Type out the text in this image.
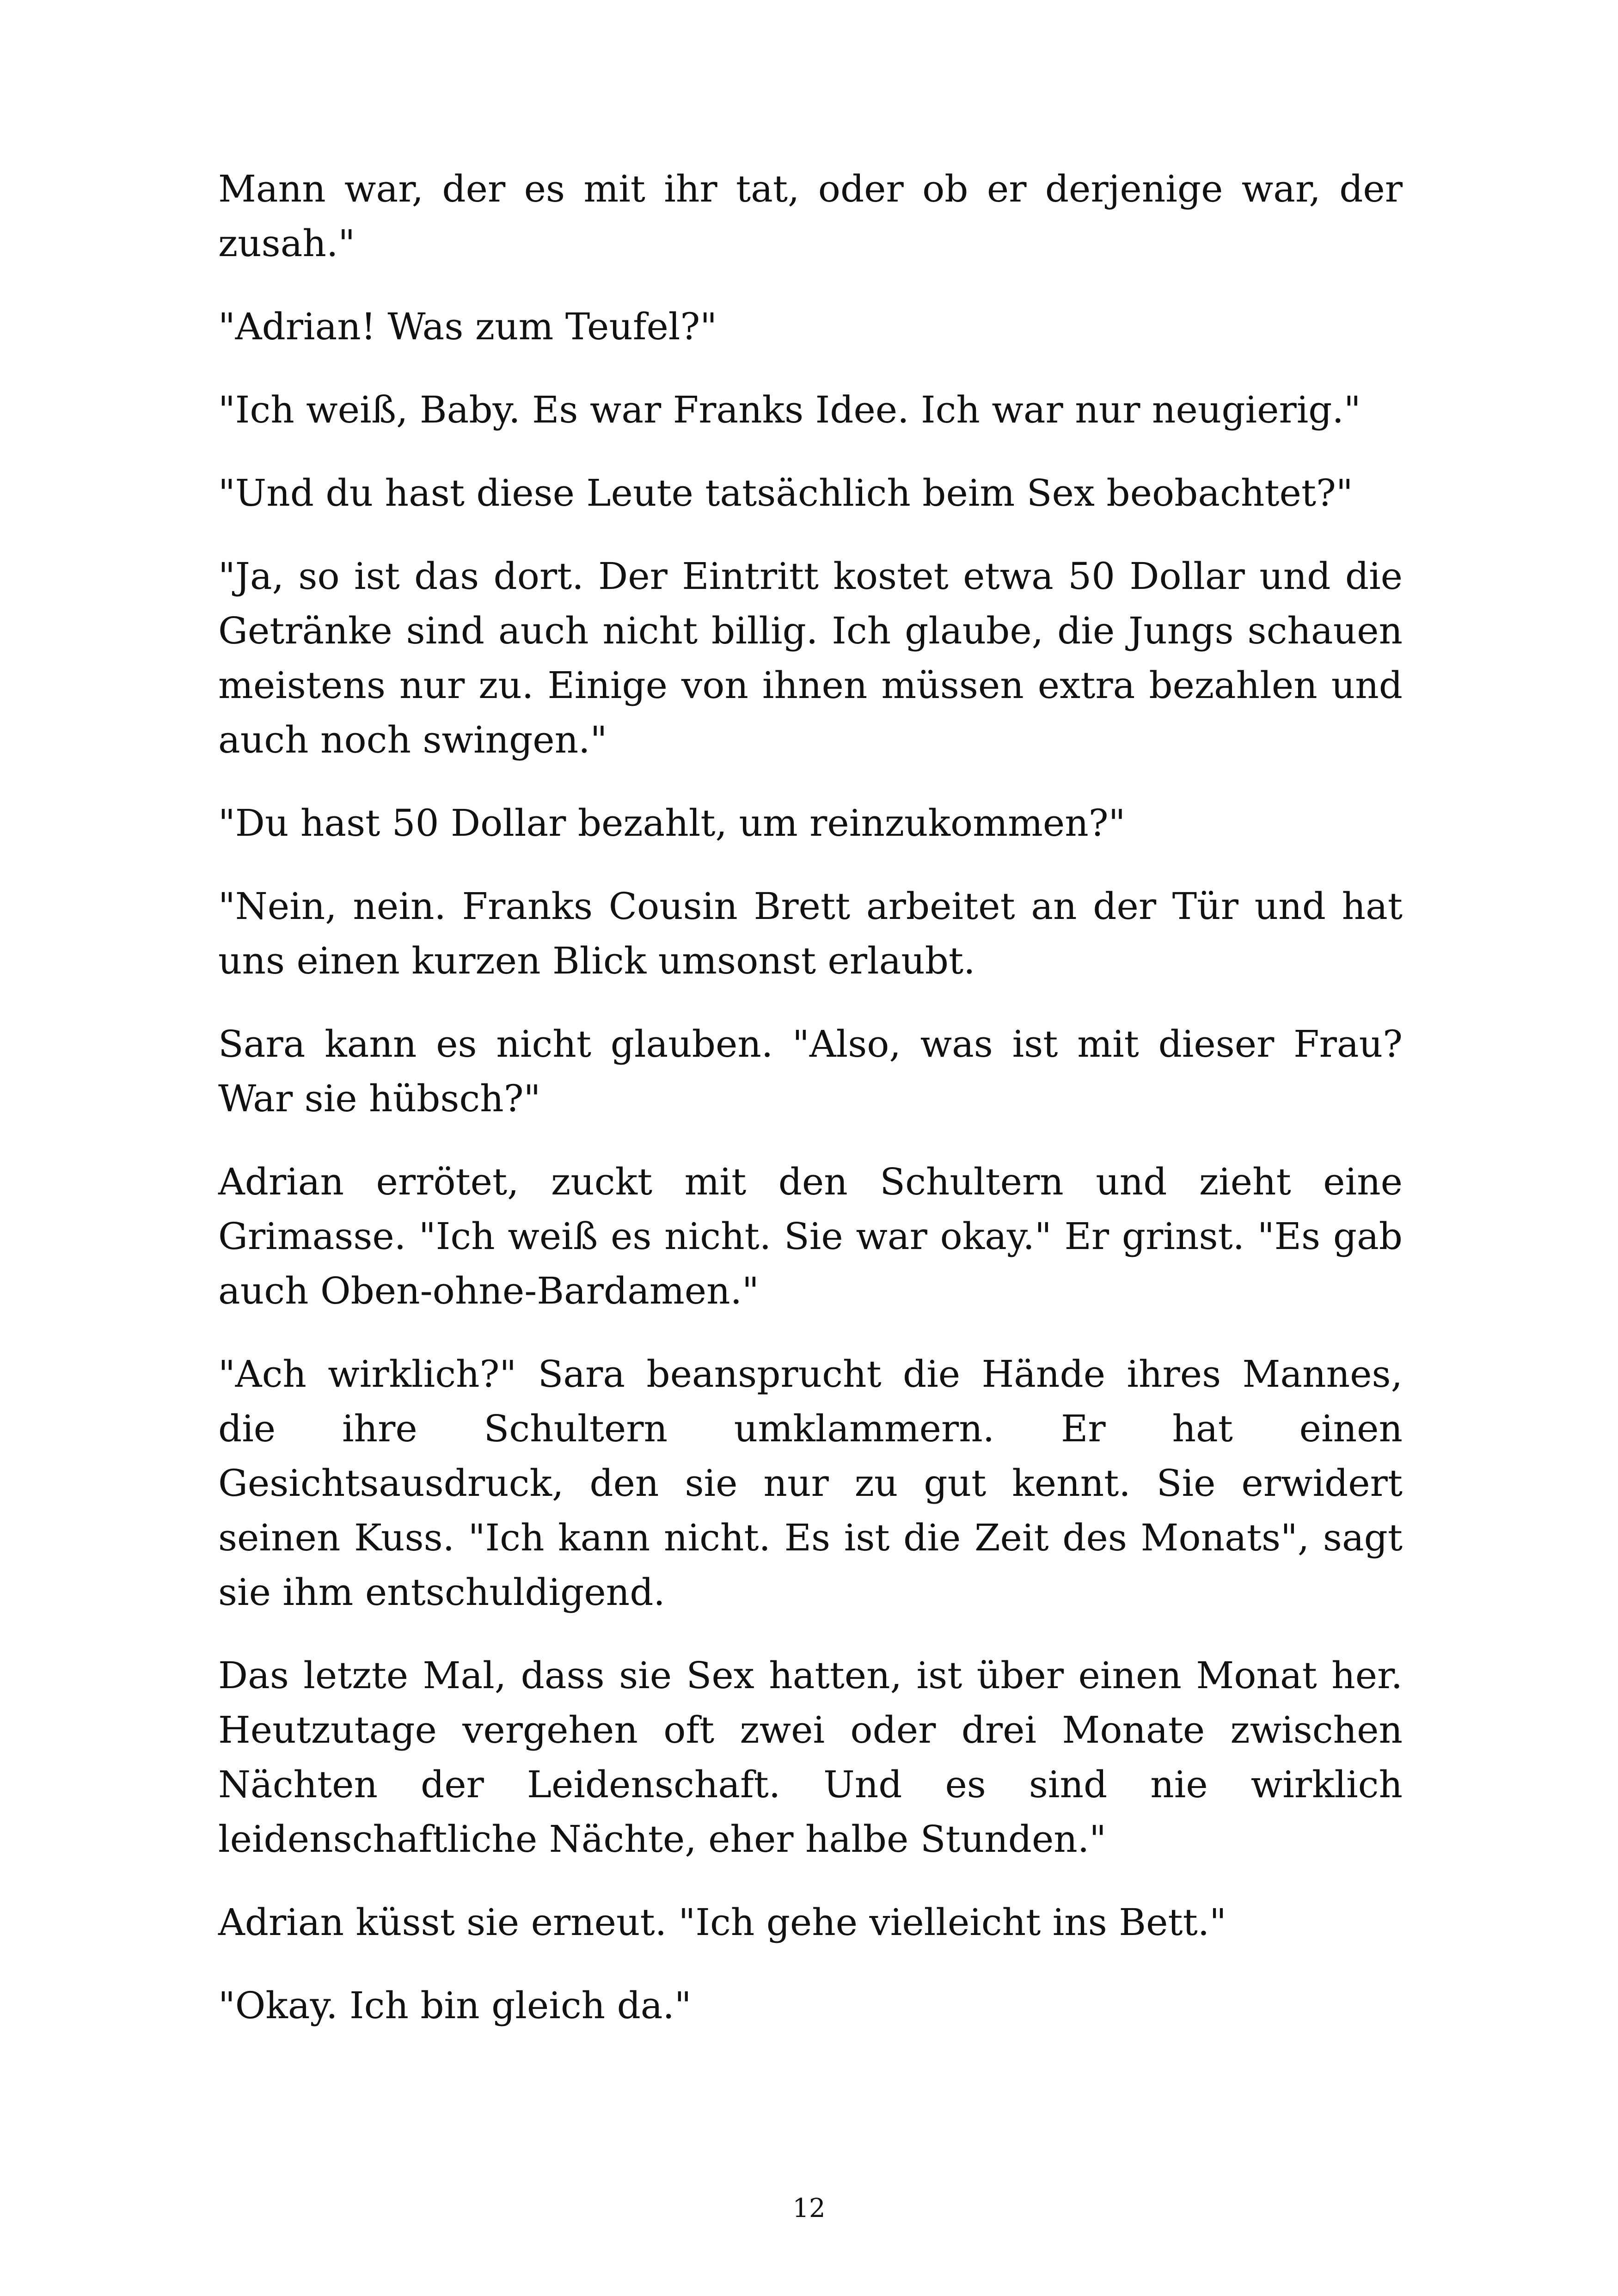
Mann war, der es mit ihr tat, oder ob er derjenige war, der zusah."

"Adrian! Was zum Teufel?"

"Ich weiß, Baby. Es war Franks Idee. Ich war nur neugierig."

"Und du hast diese Leute tatsächlich beim Sex beobachtet?"

"Ja, so ist das dort. Der Eintritt kostet etwa 50 Dollar und die Getränke sind auch nicht billig. Ich glaube, die Jungs schauen meistens nur zu. Einige von ihnen müssen extra bezahlen und auch noch swingen."

"Du hast 50 Dollar bezahlt, um reinzukommen?"

"Nein, nein. Franks Cousin Brett arbeitet an der Tür und hat uns einen kurzen Blick umsonst erlaubt.

Sara kann es nicht glauben. "Also, was ist mit dieser Frau? War sie hübsch?"

Adrian errötet, zuckt mit den Schultern und zieht eine Grimasse. "Ich weiß es nicht. Sie war okay." Er grinst. "Es gab auch Oben-ohne-Bardamen."

"Ach wirklich?" Sara beansprucht die Hände ihres Mannes, die ihre Schultern umklammern. Er hat einen Gesichtsausdruck, den sie nur zu gut kennt. Sie erwidert seinen Kuss. "Ich kann nicht. Es ist die Zeit des Monats", sagt sie ihm entschuldigend.

Das letzte Mal, dass sie Sex hatten, ist über einen Monat her. Heutzutage vergehen oft zwei oder drei Monate zwischen Nächten der Leidenschaft. Und es sind nie wirklich leidenschaftliche Nächte, eher halbe Stunden."

Adrian küsst sie erneut. "Ich gehe vielleicht ins Bett."

"Okay. Ich bin gleich da."

12
